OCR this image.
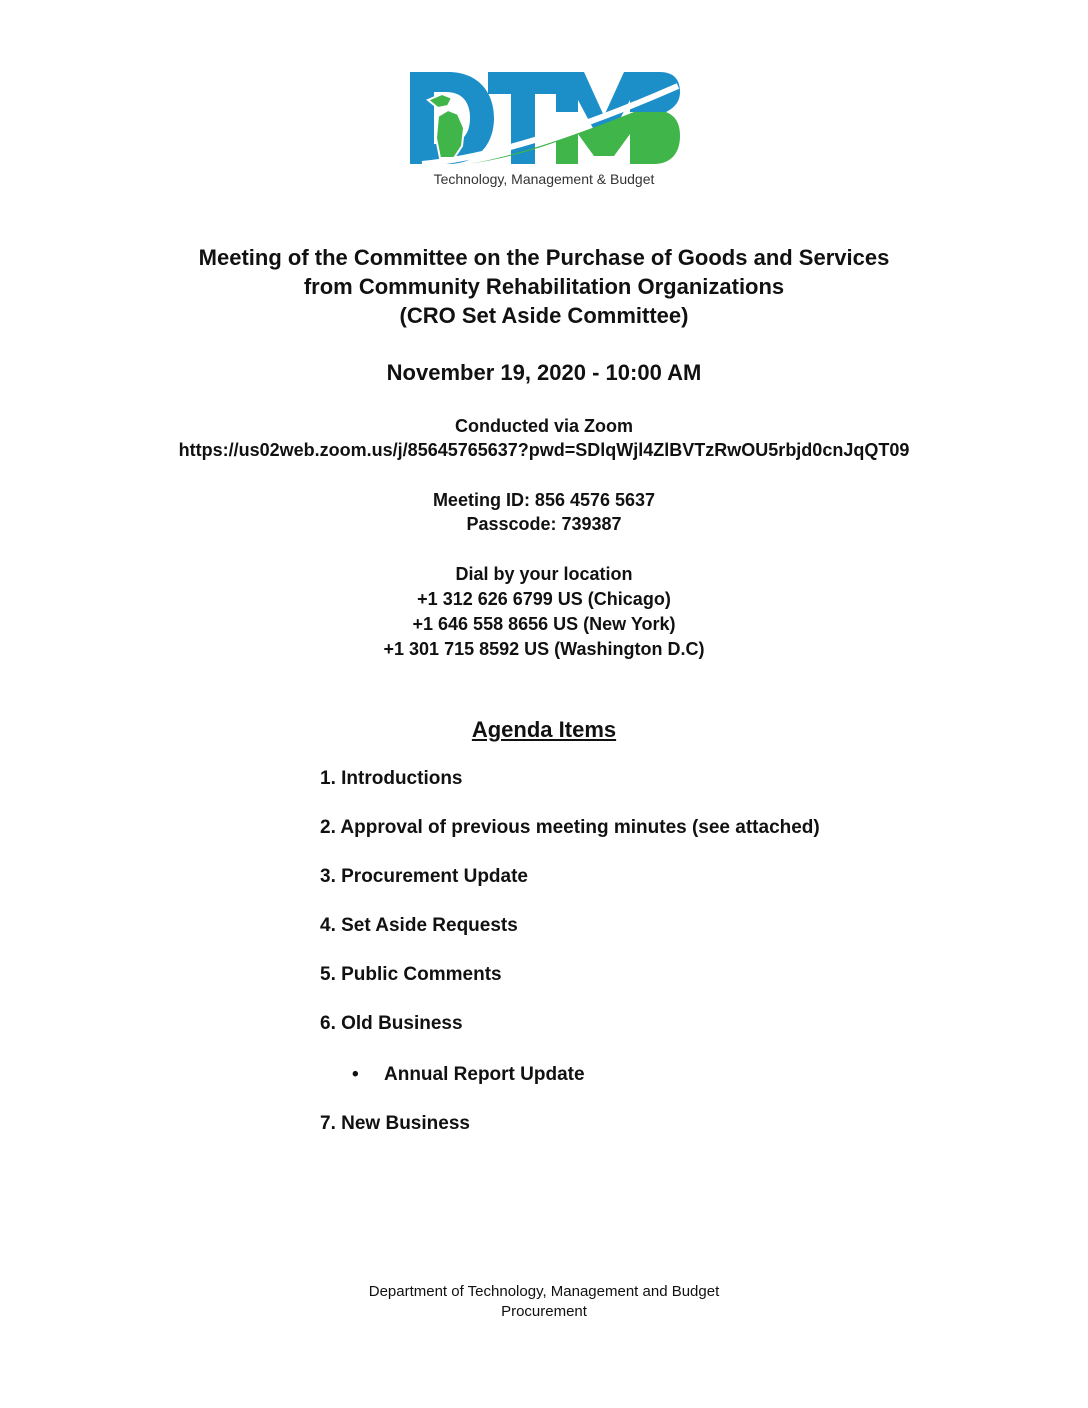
Technology, Management & Budget
Meeting of the Committee on the Purchase of Goods and Services
from Community Rehabilitation Organizations
(CRO Set Aside Committee)
November 19, 2020 - 10:00 AM
Conducted via Zoom
https://us02web.zoom.us/j/85645765637?pwd=SDlqWjl4ZlBVTzRwOU5rbjd0cnJqQT09
Meeting ID: 856 4576 5637
Passcode: 739387
Dial by your location
+1 312 626 6799 US (Chicago)
+1 646 558 8656 US (New York)
+1 301 715 8592 US (Washington D.C)
Agenda Items
1. Introductions
2. Approval of previous meeting minutes (see attached)
3. Procurement Update
4. Set Aside Requests
5. Public Comments
6. Old Business
• Annual Report Update
7. New Business
Department of Technology, Management and Budget
Procurement
